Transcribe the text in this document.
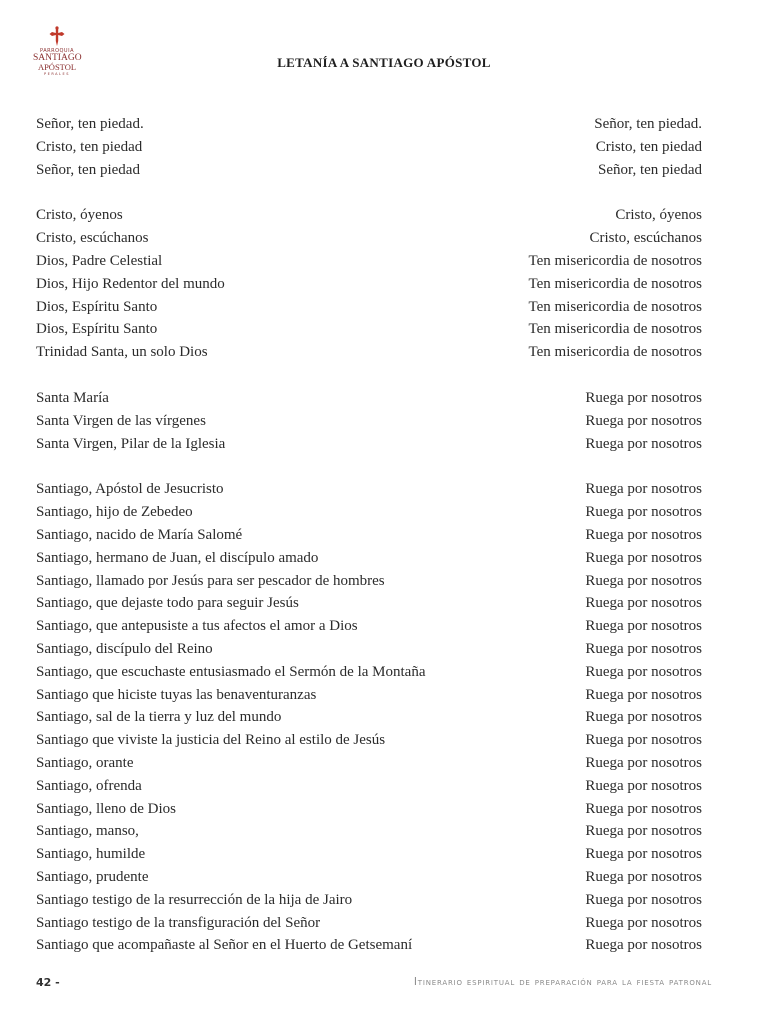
PARROQUIA
SANTIAGO
APÓSTOL
PERALES
LETANÍA A SANTIAGO APÓSTOL
Señor, ten piedad.	Señor, ten piedad.
Cristo, ten piedad	Cristo, ten piedad
Señor, ten piedad	Señor, ten piedad
Cristo, óyenos	Cristo, óyenos
Cristo, escúchanos	Cristo, escúchanos
Dios, Padre Celestial	Ten misericordia de nosotros
Dios, Hijo Redentor del mundo	Ten misericordia de nosotros
Dios, Espíritu Santo	Ten misericordia de nosotros
Dios, Espíritu Santo	Ten misericordia de nosotros
Trinidad Santa, un solo Dios	Ten misericordia de nosotros
Santa María	Ruega por nosotros
Santa Virgen de las vírgenes	Ruega por nosotros
Santa Virgen, Pilar de la Iglesia	Ruega por nosotros
Santiago, Apóstol de Jesucristo	Ruega por nosotros
Santiago, hijo de Zebedeo	Ruega por nosotros
Santiago, nacido de María Salomé	Ruega por nosotros
Santiago, hermano de Juan, el discípulo amado	Ruega por nosotros
Santiago, llamado por Jesús para ser pescador de hombres	Ruega por nosotros
Santiago, que dejaste todo para seguir Jesús	Ruega por nosotros
Santiago, que antepusiste a tus afectos el amor a Dios	Ruega por nosotros
Santiago, discípulo del Reino	Ruega por nosotros
Santiago, que escuchaste entusiasmado el Sermón de la Montaña	Ruega por nosotros
Santiago que hiciste tuyas las benaventuranzas	Ruega por nosotros
Santiago, sal de la tierra y luz del mundo	Ruega por nosotros
Santiago que viviste la justicia del Reino al estilo de Jesús	Ruega por nosotros
Santiago, orante	Ruega por nosotros
Santiago, ofrenda	Ruega por nosotros
Santiago, lleno de Dios	Ruega por nosotros
Santiago, manso,	Ruega por nosotros
Santiago, humilde	Ruega por nosotros
Santiago, prudente	Ruega por nosotros
Santiago testigo de la resurrección de la hija de Jairo	Ruega por nosotros
Santiago testigo de la transfiguración del Señor	Ruega por nosotros
Santiago que acompañaste al Señor en el Huerto de Getsemaní	Ruega por nosotros
42 -	Itinerario espiritual de preparación para la fiesta patronal
